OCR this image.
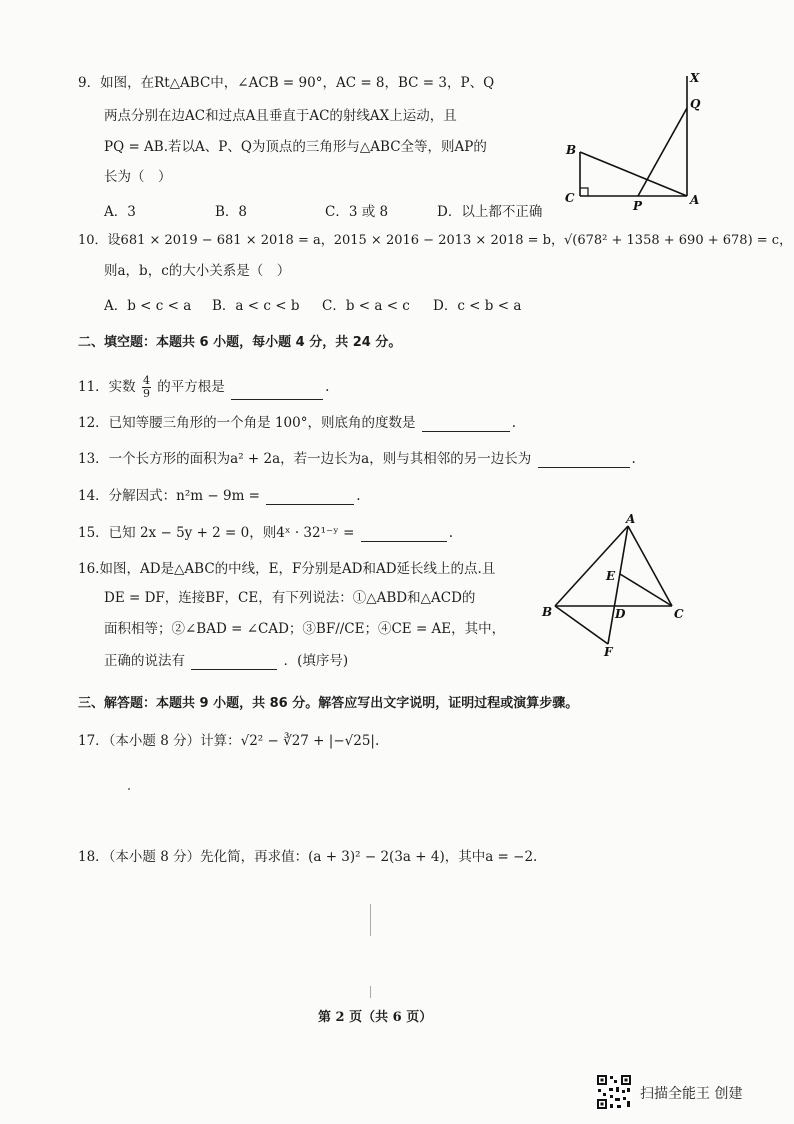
9．如图，在Rt△ABC中，∠ACB = 90°，AC = 8，BC = 3，P、Q
两点分别在边AC和过点A且垂直于AC的射线AX上运动，且
PQ = AB.若以A、P、Q为顶点的三角形与△ABC全等，则AP的
长为（　）
A．3	B．8	C．3 或 8	D．以上都不正确
X
Q
B
C
P	A
10．设681 × 2019 − 681 × 2018 = a，2015 × 2016 − 2013 × 2018 = b，√(678² + 1358 + 690 + 678) = c，
则a，b，c的大小关系是（　）
A．b < c < a B．a < c < b C．b < a < c D．c < b < a
二、填空题：本题共 6 小题，每小题 4 分，共 24 分。
11．实数 $\frac{4}{9}$ 的平方根是	.
12．已知等腰三角形的一个角是 100°，则底角的度数是	.
13．一个长方形的面积为a² + 2a，若一边长为a，则与其相邻的另一边长为	.
14．分解因式：n²m − 9m =	.
15．已知 2x − 5y + 2 = 0，则4ˣ · 32¹⁻ʸ =	.
16.如图，AD是△ABC的中线，E，F分别是AD和AD延长线上的点.且
DE = DF，连接BF，CE，有下列说法：①△ABD和△ACD的
面积相等；②∠BAD = ∠CAD；③BF//CE；④CE = AE，其中，
正确的说法有	．(填序号)
A
E
B	D	C
F
三、解答题：本题共 9 小题，共 86 分。解答应写出文字说明，证明过程或演算步骤。
17．（本小题 8 分）计算：√2² − ∛27 + |−√25|.
18．（本小题 8 分）先化简，再求值：(a + 3)² − 2(3a + 4)，其中a = −2.
第 2 页（共 6 页）
扫描全能王 创建
